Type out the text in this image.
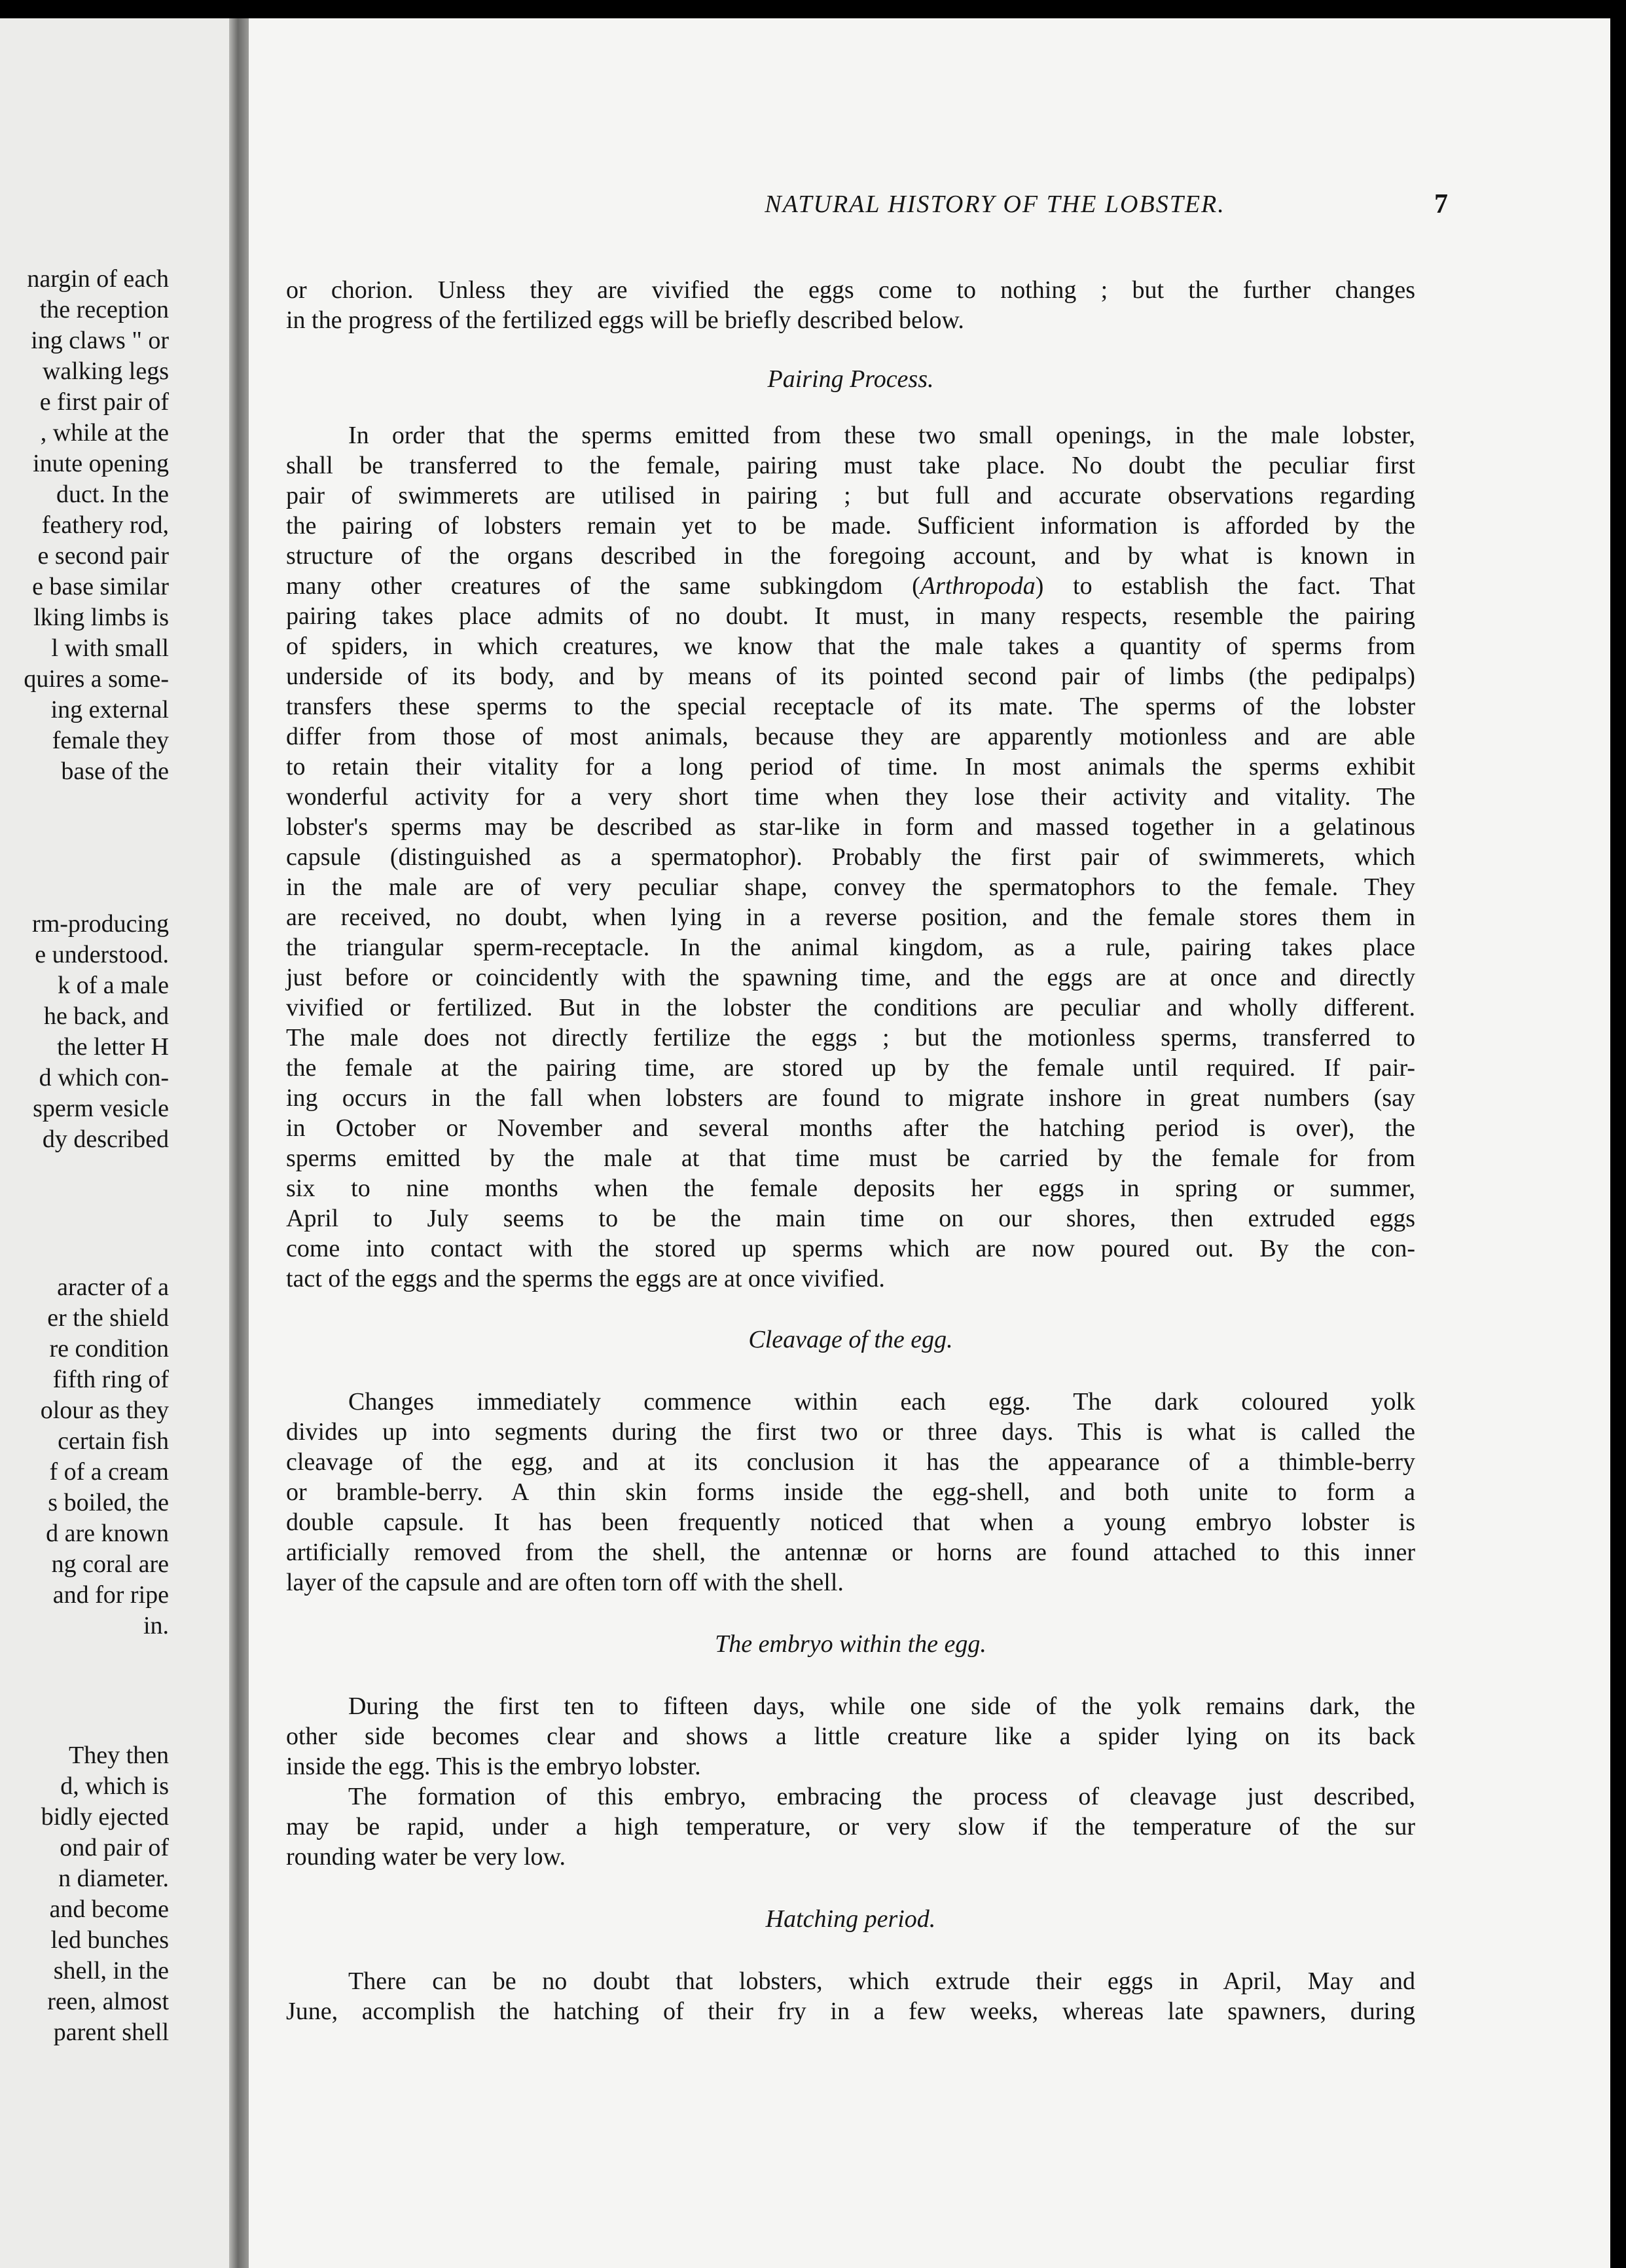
nargin of each
the reception
ing claws " or
walking legs
e first pair of
, while at the
inute opening
duct. In the
feathery rod,
e second pair
e base similar
lking limbs is
l with small
quires a some-
ing external
female they
base of the
rm-producing
e understood.
k of a male
he back, and
the letter H
d which con-
sperm vesicle
dy described
aracter of a
er the shield
re condition
fifth ring of
olour as they
certain fish
f of a cream
s boiled, the
d are known
ng coral are
and for ripe
in.
They then
d, which is
bidly ejected
ond pair of
n diameter.
and become
led bunches
shell, in the
reen, almost
parent shell
NATURAL HISTORY OF THE LOBSTER.	7
or chorion. Unless they are vivified the eggs come to nothing ; but the further changes
in the progress of the fertilized eggs will be briefly described below.
Pairing Process.
In order that the sperms emitted from these two small openings, in the male lobster,
shall be transferred to the female, pairing must take place. No doubt the peculiar first
pair of swimmerets are utilised in pairing ; but full and accurate observations regarding
the pairing of lobsters remain yet to be made. Sufficient information is afforded by the
structure of the organs described in the foregoing account, and by what is known in
many other creatures of the same subkingdom (Arthropoda) to establish the fact. That
pairing takes place admits of no doubt. It must, in many respects, resemble the pairing
of spiders, in which creatures, we know that the male takes a quantity of sperms from
underside of its body, and by means of its pointed second pair of limbs (the pedipalps)
transfers these sperms to the special receptacle of its mate. The sperms of the lobster
differ from those of most animals, because they are apparently motionless and are able
to retain their vitality for a long period of time. In most animals the sperms exhibit
wonderful activity for a very short time when they lose their activity and vitality. The
lobster's sperms may be described as star-like in form and massed together in a gelatinous
capsule (distinguished as a spermatophor). Probably the first pair of swimmerets, which
in the male are of very peculiar shape, convey the spermatophors to the female. They
are received, no doubt, when lying in a reverse position, and the female stores them in
the triangular sperm-receptacle. In the animal kingdom, as a rule, pairing takes place
just before or coincidently with the spawning time, and the eggs are at once and directly
vivified or fertilized. But in the lobster the conditions are peculiar and wholly different.
The male does not directly fertilize the eggs ; but the motionless sperms, transferred to
the female at the pairing time, are stored up by the female until required. If pair-
ing occurs in the fall when lobsters are found to migrate inshore in great numbers (say
in October or November and several months after the hatching period is over), the
sperms emitted by the male at that time must be carried by the female for from
six to nine months when the female deposits her eggs in spring or summer,
April to July seems to be the main time on our shores, then extruded eggs
come into contact with the stored up sperms which are now poured out. By the con-
tact of the eggs and the sperms the eggs are at once vivified.
Cleavage of the egg.
Changes immediately commence within each egg. The dark coloured yolk
divides up into segments during the first two or three days. This is what is called the
cleavage of the egg, and at its conclusion it has the appearance of a thimble-berry
or bramble-berry. A thin skin forms inside the egg-shell, and both unite to form a
double capsule. It has been frequently noticed that when a young embryo lobster is
artificially removed from the shell, the antennæ or horns are found attached to this inner
layer of the capsule and are often torn off with the shell.
The embryo within the egg.
During the first ten to fifteen days, while one side of the yolk remains dark, the
other side becomes clear and shows a little creature like a spider lying on its back
inside the egg. This is the embryo lobster.
The formation of this embryo, embracing the process of cleavage just described,
may be rapid, under a high temperature, or very slow if the temperature of the sur
rounding water be very low.
Hatching period.
There can be no doubt that lobsters, which extrude their eggs in April, May and
June, accomplish the hatching of their fry in a few weeks, whereas late spawners, during
